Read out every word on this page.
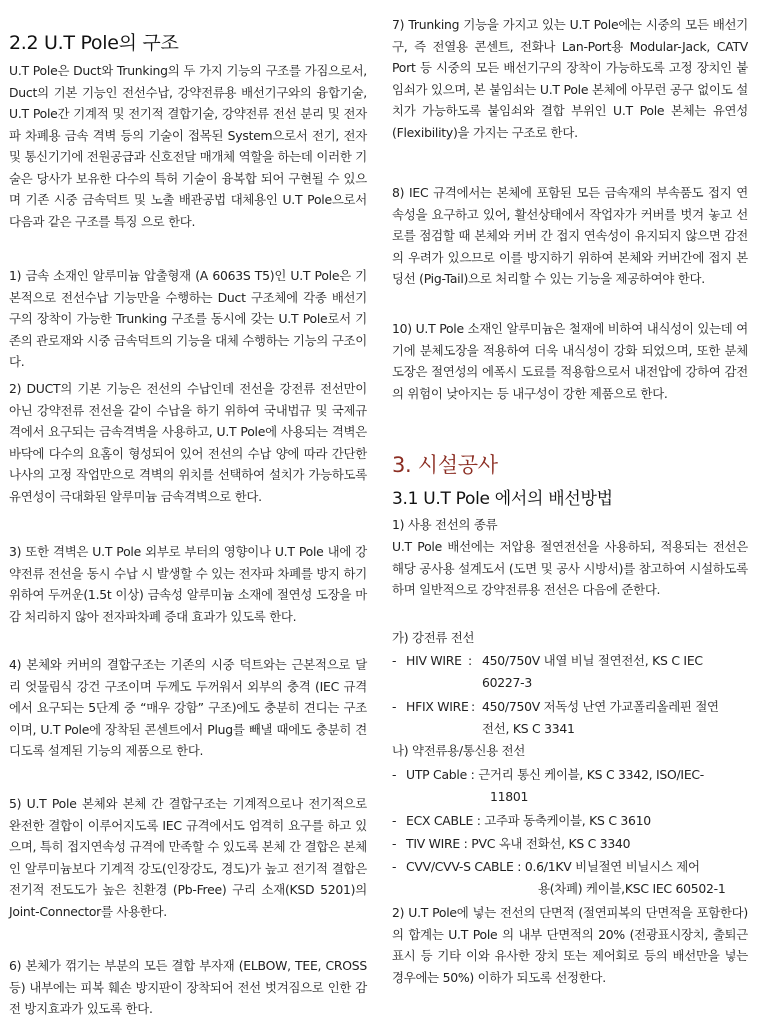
2.2 U.T Pole의 구조

U.T Pole은 Duct와 Trunking의 두 가지 기능의 구조를 가짐으로서, Duct의 기본 기능인 전선수납, 강약전류용 배선기구와의 융합기술, U.T Pole간 기계적 및 전기적 결합기술, 강약전류 전선 분리 및 전자파 차폐용 금속 격벽 등의 기술이 접목된 System으로서 전기, 전자 및 통신기기에 전원공급과 신호전달 매개체 역할을 하는데 이러한 기술은 당사가 보유한 다수의 특허 기술이 융복합 되어 구현될 수 있으며 기존 시중 금속덕트 및 노출 배관공법 대체용인 U.T Pole으로서 다음과 같은 구조를 특징 으로 한다.

1) 금속 소재인 알루미늄 압출형재 (A 6063S T5)인 U.T Pole은 기본적으로 전선수납 기능만을 수행하는 Duct 구조체에 각종 배선기구의 장착이 가능한 Trunking 구조를 동시에 갖는 U.T Pole로서 기존의 관로재와 시중 금속덕트의 기능을 대체 수행하는 기능의 구조이다.

2) DUCT의 기본 기능은 전선의 수납인데 전선을 강전류 전선만이 아닌 강약전류 전선을 같이 수납을 하기 위하여 국내법규 및 국제규격에서 요구되는 금속격벽을 사용하고, U.T Pole에 사용되는 격벽은 바닥에 다수의 요홈이 형성되어 있어 전선의 수납 양에 따라 간단한 나사의 고정 작업만으로 격벽의 위치를 선택하여 설치가 가능하도록 유연성이 극대화된 알루미늄 금속격벽으로 한다.

3) 또한 격벽은 U.T Pole 외부로 부터의 영향이나 U.T Pole 내에 강약전류 전선을 동시 수납 시 발생할 수 있는 전자파 차폐를 방지 하기위하여 두꺼운(1.5t 이상) 금속성 알루미늄 소재에 절연성 도장을 마감 처리하지 않아 전자파차폐 증대 효과가 있도록 한다.

4) 본체와 커버의 결합구조는 기존의 시중 덕트와는 근본적으로 달리 엇물림식 강건 구조이며 두께도 두꺼워서 외부의 충격 (IEC 규격에서 요구되는 5단계 중 “매우 강함” 구조)에도 충분히 견디는 구조이며, U.T Pole에 장착된 콘센트에서 Plug를 빼낼 때에도 충분히 견디도록 설계된 기능의 제품으로 한다.

5) U.T Pole 본체와 본체 간 결합구조는 기계적으로나 전기적으로 완전한 결합이 이루어지도록 IEC 규격에서도 엄격히 요구를 하고 있으며, 특히 접지연속성 규격에 만족할 수 있도록 본체 간 결합은 본체인 알루미늄보다 기계적 강도(인장강도, 경도)가 높고 전기적 결합은 전기적 전도도가 높은 친환경 (Pb-Free) 구리 소재(KSD 5201)의 Joint-Connector를 사용한다.

6) 본체가 꺾기는 부분의 모든 결합 부자재 (ELBOW, TEE, CROSS 등) 내부에는 피복 훼손 방지판이 장착되어 전선 벗겨짐으로 인한 감전 방지효과가 있도록 한다.

7) Trunking 기능을 가지고 있는 U.T Pole에는 시중의 모든 배선기구, 즉 전열용 콘센트, 전화나 Lan-Port용 Modular-Jack, CATV Port 등 시중의 모든 배선기구의 장착이 가능하도록 고정 장치인 붙임쇠가 있으며, 본 붙임쇠는 U.T Pole 본체에 아무런 공구 없이도 설치가 가능하도록 붙임쇠와 결합 부위인 U.T Pole 본체는 유연성(Flexibility)을 가지는 구조로 한다.

8) IEC 규격에서는 본체에 포함된 모든 금속재의 부속품도 접지 연속성을 요구하고 있어, 활선상태에서 작업자가 커버를 벗겨 놓고 선로를 점검할 때 본체와 커버 간 접지 연속성이 유지되지 않으면 감전의 우려가 있으므로 이를 방지하기 위하여 본체와 커버간에 접지 본딩선 (Pig-Tail)으로 처리할 수 있는 기능을 제공하여야 한다.

10) U.T Pole 소재인 알루미늄은 철재에 비하여 내식성이 있는데 여기에 분체도장을 적용하여 더욱 내식성이 강화 되었으며, 또한 분체도장은 절연성의 에폭시 도료를 적용함으로서 내전압에 강하여 감전의 위험이 낮아지는 등 내구성이 강한 제품으로 한다.

3. 시설공사
3.1 U.T Pole 에서의 배선방법

1) 사용 전선의 종류

U.T Pole 배선에는 저압용 절연전선을 사용하되, 적용되는 전선은 해당 공사용 설계도서 (도면 및 공사 시방서)를 참고하여 시설하도록 하며 일반적으로 강약전류용 전선은 다음에 준한다.

가) 강전류 전선

- HIV WIRE : 450/750V 내열 비닐 절연전선, KS C IEC
60227-3
- HFIX WIRE : 450/750V 저독성 난연 가교폴리올레핀 절연
전선, KS C 3341

나) 약전류용/통신용 전선

- UTP Cable : 근거리 통신 케이블, KS C 3342, ISO/IEC-
11801
- ECX CABLE : 고주파 동축케이블, KS C 3610
- TIV WIRE : PVC 옥내 전화선, KS C 3340
- CVV/CVV-S CABLE : 0.6/1KV 비닐절연 비닐시스 제어
용(차폐) 케이블,KSC IEC 60502-1

2) U.T Pole에 넣는 전선의 단면적 (절연피복의 단면적을 포함한다) 의 합계는 U.T Pole 의 내부 단면적의 20% (전광표시장치, 출퇴근 표시 등 기타 이와 유사한 장치 또는 제어회로 등의 배선만을 넣는 경우에는 50%) 이하가 되도록 선정한다.
